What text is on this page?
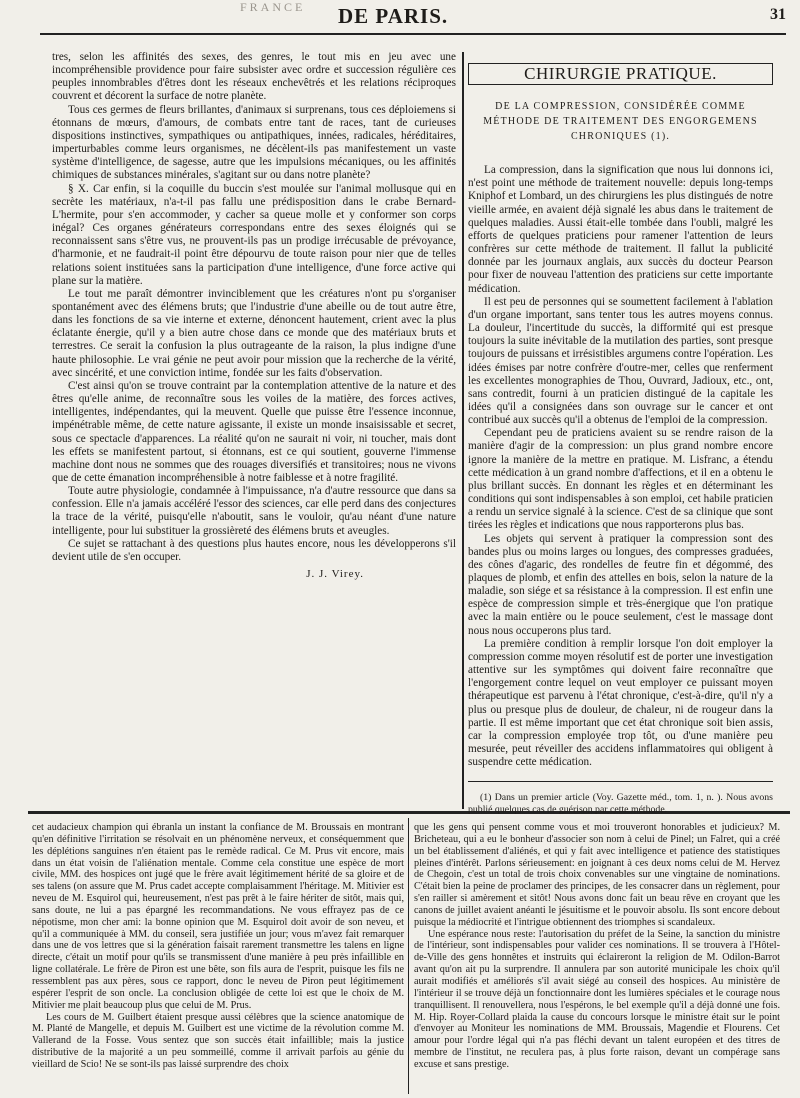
FRANCE DE PARIS.	31

tres, selon les affinités des sexes, des genres, le tout mis en jeu avec une incompréhensible providence pour faire subsister avec ordre et succession régulière ces peuples innombrables d'êtres dont les réseaux enchevêtrés et les relations réciproques couvrent et décorent la surface de notre planète.

Tous ces germes de fleurs brillantes, d'animaux si surprenans, tous ces déploiemens si étonnans de mœurs, d'amours, de combats entre tant de races, tant de curieuses dispositions instinctives, sympathiques ou antipathiques, innées, radicales, héréditaires, imperturbables comme leurs organismes, ne décèlent-ils pas manifestement un vaste système d'intelligence, de sagesse, autre que les impulsions mécaniques, ou les affinités chimiques de substances minérales, s'agitant sur ou dans notre planète?

§ X. Car enfin, si la coquille du buccin s'est moulée sur l'animal mollusque qui en secrète les matériaux, n'a-t-il pas fallu une prédisposition dans le crabe Bernard-L'hermite, pour s'en accommoder, y cacher sa queue molle et y conformer son corps inégal? Ces organes générateurs correspondans entre des sexes éloignés qui se reconnaissent sans s'être vus, ne prouvent-ils pas un prodige irrécusable de prévoyance, d'harmonie, et ne faudrait-il point être dépourvu de toute raison pour nier que de telles relations soient instituées sans la participation d'une intelligence, d'une force active qui plane sur la matière.

Le tout me paraît démontrer invinciblement que les créatures n'ont pu s'organiser spontanément avec des élémens bruts; que l'industrie d'une abeille ou de tout autre être, dans les fonctions de sa vie interne et externe, dénoncent hautement, crient avec la plus éclatante énergie, qu'il y a bien autre chose dans ce monde que des matériaux bruts et terrestres. Ce serait la confusion la plus outrageante de la raison, la plus indigne d'une haute philosophie. Le vrai génie ne peut avoir pour mission que la recherche de la vérité, avec sincérité, et une conviction intime, fondée sur les faits d'observation.

C'est ainsi qu'on se trouve contraint par la contemplation attentive de la nature et des êtres qu'elle anime, de reconnaître sous les voiles de la matière, des forces actives, intelligentes, indépendantes, qui la meuvent. Quelle que puisse être l'essence inconnue, impénétrable même, de cette nature agissante, il existe un monde insaisissable et secret, sous ce spectacle d'apparences. La réalité qu'on ne saurait ni voir, ni toucher, mais dont les effets se manifestent partout, si étonnans, est ce qui soutient, gouverne l'immense machine dont nous ne sommes que des rouages diversifiés et transitoires; nous ne vivons que de cette émanation incompréhensible à notre faiblesse et à notre fragilité.

Toute autre physiologie, condamnée à l'impuissance, n'a d'autre ressource que dans sa confession. Elle n'a jamais accéléré l'essor des sciences, car elle perd dans des conjectures la trace de la vérité, puisqu'elle n'aboutit, sans le vouloir, qu'au néant d'une nature intelligente, pour lui substituer la grossièreté des élémens bruts et aveugles.

Ce sujet se rattachant à des questions plus hautes encore, nous les développerons s'il devient utile de s'en occuper.

J. J. Virey.
CHIRURGIE PRATIQUE.
DE LA COMPRESSION, CONSIDÉRÉE COMME MÉTHODE DE TRAITEMENT DES ENGORGEMENS CHRONIQUES (1).

La compression, dans la signification que nous lui donnons ici, n'est point une méthode de traitement nouvelle: depuis long-temps Kniphof et Lombard, un des chirurgiens les plus distingués de notre vieille armée, en avaient déjà signalé les abus dans le traitement de quelques maladies. Aussi était-elle tombée dans l'oubli, malgré les efforts de quelques praticiens pour ramener l'attention de leurs confrères sur cette méthode de traitement. Il fallut la publicité donnée par les journaux anglais, aux succès du docteur Pearson pour fixer de nouveau l'attention des praticiens sur cette importante médication.

Il est peu de personnes qui se soumettent facilement à l'ablation d'un organe important, sans tenter tous les autres moyens connus. La douleur, l'incertitude du succès, la difformité qui est presque toujours la suite inévitable de la mutilation des parties, sont presque toujours de puissans et irrésistibles argumens contre l'opération. Les idées émises par notre confrère d'outre-mer, celles que renferment les excellentes monographies de Thou, Ouvrard, Jadioux, etc., ont, sans contredit, fourni à un praticien distingué de la capitale les idées qu'il a consignées dans son ouvrage sur le cancer et ont contribué aux succès qu'il a obtenus de l'emploi de la compression.

Cependant peu de praticiens avaient su se rendre raison de la manière d'agir de la compression: un plus grand nombre encore ignore la manière de la mettre en pratique. M. Lisfranc, a étendu cette médication à un grand nombre d'affections, et il en a obtenu le plus brillant succès. En donnant les règles et en déterminant les conditions qui sont indispensables à son emploi, cet habile praticien a rendu un service signalé à la science. C'est de sa clinique que sont tirées les règles et indications que nous rapporterons plus bas.

Les objets qui servent à pratiquer la compression sont des bandes plus ou moins larges ou longues, des compresses graduées, des cônes d'agaric, des rondelles de feutre fin et dégommé, des plaques de plomb, et enfin des attelles en bois, selon la nature de la maladie, son siége et sa résistance à la compression. Il est enfin une espèce de compression simple et très-énergique que l'on pratique avec la main entière ou le pouce seulement, c'est le massage dont nous nous occuperons plus tard.

La première condition à remplir lorsque l'on doit employer la compression comme moyen résolutif est de porter une investigation attentive sur les symptômes qui doivent faire reconnaître que l'engorgement contre lequel on veut employer ce puissant moyen thérapeutique est parvenu à l'état chronique, c'est-à-dire, qu'il n'y a plus ou presque plus de douleur, de chaleur, ni de rougeur dans la partie. Il est même important que cet état chronique soit bien assis, car la compression employée trop tôt, ou d'une manière peu mesurée, peut réveiller des accidens inflammatoires qui obligent à suspendre cette médication.

(1) Dans un premier article (Voy. Gazette méd., tom. 1, n. ). Nous avons publié quelques cas de guérison par cette méthode.

cet audacieux champion qui ébranla un instant la confiance de M. Broussais en montrant qu'en définitive l'irritation se résolvait en un phénomène nerveux, et conséquemment que les déplétions sanguines n'en étaient pas le remède radical. Ce M. Prus vit encore, mais dans un état voisin de l'aliénation mentale. Comme cela constitue une espèce de mort civile, MM. des hospices ont jugé que le frère avait légitimement hérité de sa gloire et de ses talens (on assure que M. Prus cadet accepte complaisamment l'héritage. M. Mitivier est neveu de M. Esquirol qui, heureusement, n'est pas prêt à le faire hériter de sitôt, mais qui, sans doute, ne lui a pas épargné les recommandations. Ne vous effrayez pas de ce népotisme, mon cher ami: la bonne opinion que M. Esquirol doit avoir de son neveu, et qu'il a communiquée à MM. du conseil, sera justifiée un jour; vous m'avez fait remarquer dans une de vos lettres que si la génération faisait rarement transmettre les talens en ligne directe, c'était un motif pour qu'ils se transmissent d'une manière à peu près infaillible en ligne collatérale. Le frère de Piron est une bête, son fils aura de l'esprit, puisque les fils ne ressemblent pas aux pères, sous ce rapport, donc le neveu de Piron peut légitimement espérer l'esprit de son oncle. La conclusion obligée de cette loi est que le choix de M. Mitivier me plait beaucoup plus que celui de M. Prus.

Les cours de M. Guilbert étaient presque aussi célèbres que la science anatomique de M. Planté de Mangelle, et depuis M. Guilbert est une victime de la révolution comme M. Vallerand de la Fosse. Vous sentez que son succès était infaillible; mais la justice distributive de la majorité a un peu sommeillé, comme il arrivait parfois au génie du vieillard de Scio! Ne se sont-ils pas laissé surprendre des choix

que les gens qui pensent comme vous et moi trouveront honorables et judicieux? M. Bricheteau, qui a eu le bonheur d'associer son nom à celui de Pinel; un Falret, qui a créé un bel établissement d'aliénés, et qui y fait avec intelligence et patience des statistiques pleines d'intérêt. Parlons sérieusement: en joignant à ces deux noms celui de M. Hervez de Chegoin, c'est un total de trois choix convenables sur une vingtaine de nominations. C'était bien la peine de proclamer des principes, de les consacrer dans un règlement, pour s'en railler si amèrement et sitôt! Nous avons donc fait un beau rêve en croyant que les canons de juillet avaient anéanti le jésuitisme et le pouvoir absolu. Ils sont encore debout puisque la médiocrité et l'intrigue obtiennent des triomphes si scandaleux.

Une espérance nous reste: l'autorisation du préfet de la Seine, la sanction du ministre de l'intérieur, sont indispensables pour valider ces nominations. Il se trouvera à l'Hôtel-de-Ville des gens honnêtes et instruits qui éclaireront la religion de M. Odilon-Barrot avant qu'on ait pu la surprendre. Il annulera par son autorité municipale les choix qu'il aurait modifiés et améliorés s'il avait siégé au conseil des hospices. Au ministère de l'intérieur il se trouve déjà un fonctionnaire dont les lumières spéciales et le courage nous tranquillisent. Il renouvellera, nous l'espérons, le bel exemple qu'il a déjà donné une fois. M. Hip. Royer-Collard plaida la cause du concours lorsque le ministre était sur le point d'envoyer au Moniteur les nominations de MM. Broussais, Magendie et Flourens. Cet amour pour l'ordre légal qui n'a pas fléchi devant un talent européen et des titres de membre de l'institut, ne reculera pas, à plus forte raison, devant un compérage sans excuse et sans prestige.
